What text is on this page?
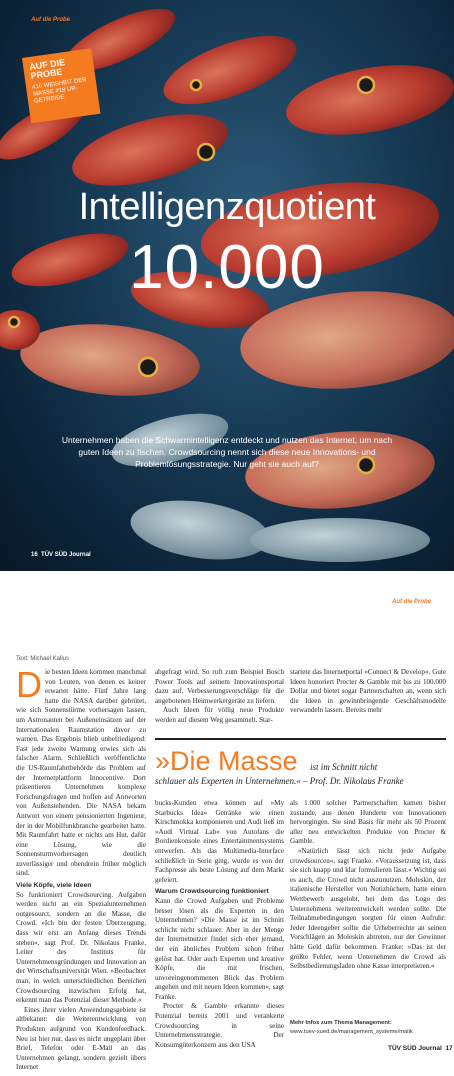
Auf die Probe
AUF DIE PROBE
#16 WEISHEIT DER MASSE #18 UR-GETREIDE
Intelligenzquotient
10.000
Unternehmen haben die Schwarmintelligenz entdeckt und nutzen das Internet, um nach guten Ideen zu fischen. Crowdsourcing nennt sich diese neue Innovations- und Problemlösungsstrategie. Nur geht sie auch auf?
16 TÜV SÜD Journal
Auf die Probe
Text: Michael Kallus

D ie besten Ideen kommen manchmal von Leuten, von denen es keiner erwartet hätte. Fünf Jahre lang hatte die NASA darüber gebrütet, wie sich Sonnenstürme vorhersagen lassen, um Astronauten bei Außeneinsätzen auf der Internationalen Raumstation davor zu warnen. Das Ergebnis blieb unbefriedigend: Fast jede zweite Warnung erwies sich als falscher Alarm. Schließlich veröffentlichte die US-Raumfahrtbehörde das Problem auf der Internetplattform Innocentive. Dort präsentieren Unternehmen komplexe Forschungsfragen und hoffen auf Antworten von Außenstehenden. Die NASA bekam Antwort von einem pensionierten Ingenieur, der in der Mobilfunkbranche gearbeitet hatte. Mit Raumfahrt hatte er nichts am Hut, dafür eine Lösung, wie die Sonnensturmvorhersagen deutlich zuverlässiger und obendrein früher möglich sind.

Viele Köpfe, viele Ideen

So funktioniert Crowdsourcing. Aufgaben werden nicht an ein Spezialunternehmen outgesourct, sondern an die Masse, die Crowd. »Ich bin der festen Überzeugung, dass wir erst am Anfang dieses Trends stehen«, sagt Prof. Dr. Nikolaus Franke, Leiter des Instituts für Unternehmensgründungen und Innovation an der Wirtschaftsuniversität Wien. »Beobachtet man, in welch unterschiedlichen Bereichen Crowdsourcing inzwischen Erfolg hat, erkennt man das Potenzial dieser Methode.«

Eines ihrer vielen Anwendungsgebiete ist altbekannt: die Weiterentwicklung von Produkten aufgrund von Kundenfeedback. Neu ist hier nur, dass es nicht ungeplant über Brief, Telefon oder E-Mail an das Unternehmen gelangt, sondern gezielt übers Internet

abgefragt wird. So ruft zum Beispiel Bosch Power Tools auf seinem Innovationsportal dazu auf, Verbesserungsvorschläge für die angebotenen Heimwerkergeräte zu liefern.

Auch Ideen für völlig neue Produkte werden auf diesem Weg gesammelt. Star-

startete das Internetportal »Connect & Develop«. Gute Ideen honoriert Procter & Gamble mit bis zu 100.000 Dollar und bietet sogar Partnerschaften an, wenn sich die Ideen in gewinnbringende Geschäftsmodelle verwandeln lassen. Bereits mehr

»Die Masse ist im Schnitt nicht
schlauer als Experten in Unternehmen.« – Prof. Dr. Nikolaus Franke

bucks-Kunden etwa können auf »My Starbucks Idea« Getränke wie einen Kirschmokka komponieren und Audi ließ im »Audi Virtual Lab« von Autofans die Bordienkonsole eines Entertainmentsystems entwerfen. Als das Multimedia-Interface schließlich in Serie ging, wurde es von der Fachpresse als beste Lösung auf dem Markt gefeiert.

Warum Crowdsourcing funktioniert

Kann die Crowd Aufgaben und Probleme besser lösen als die Experten in den Unternehmen? »Die Masse ist im Schnitt schlicht nicht schlauer. Aber in der Menge der Internetnutzer findet sich eher jemand, der ein ähnliches Problem schon früher gelöst hat. Oder auch Experten und kreative Köpfe, die mit frischen, unvoreingenommenen Blick das Problem angehen und mit neuen Ideen kommen«, sagt Franke.

Procter & Gamble erkannte dieses Potenzial bereits 2001 und verankerte Crowdsourcing in seine Unternehmensstrategie. Der Konsumgüterkonzern aus den USA

als 1.000 solcher Partnerschaften kamen bisher zustande, aus denen Hunderte von Innovationen hervorgingen. Sie sind Basis für mehr als 50 Prozent aller neu entwickelten Produkte von Procter & Gamble.

»Natürlich lässt sich nicht jede Aufgabe crowdsourcen«, sagt Franke. »Voraussetzung ist, dass sie sich knapp und klar formulieren lässt.« Wichtig sei es auch, die Crowd nicht auszunutzen. Moleskin, der italienische Hersteller von Notizbüchern, hatte einen Wettbewerb ausgelobt, bei dem das Logo des Unternehmens weiterentwickelt werden sollte. Die Teilnahmebedingungen sorgten für einen Aufruhr: Jeder Ideengeber sollte die Urheberrechte an seinen Vorschlägen an Moleskin abtreten, nur der Gewinner hätte Geld dafür bekommen. Franke: »Das ist der größte Fehler, wenn Unternehmen die Crowd als Selbstbedienungsladen ohne Kasse interpretieren.«

Mehr Infos zum Thema Management:
www.tuev-sued.de/management_systeme/malik
TÜV SÜD Journal 17
